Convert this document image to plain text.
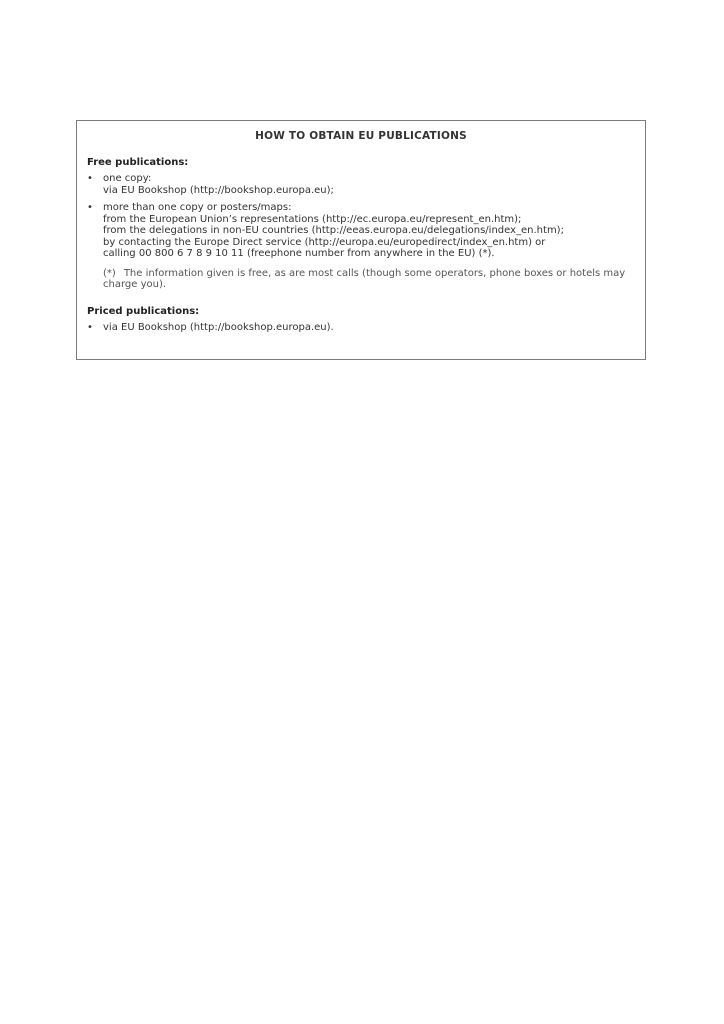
HOW TO OBTAIN EU PUBLICATIONS

Free publications:

• one copy:
via EU Bookshop (http://bookshop.europa.eu);
• more than one copy or posters/maps:
from the European Union’s representations (http://ec.europa.eu/represent_en.htm);
from the delegations in non-EU countries (http://eeas.europa.eu/delegations/index_en.htm);
by contacting the Europe Direct service (http://europa.eu/europedirect/index_en.htm) or
calling 00 800 6 7 8 9 10 11 (freephone number from anywhere in the EU) (*).
(*) The information given is free, as are most calls (though some operators, phone boxes or hotels may charge you).

Priced publications:

• via EU Bookshop (http://bookshop.europa.eu).
